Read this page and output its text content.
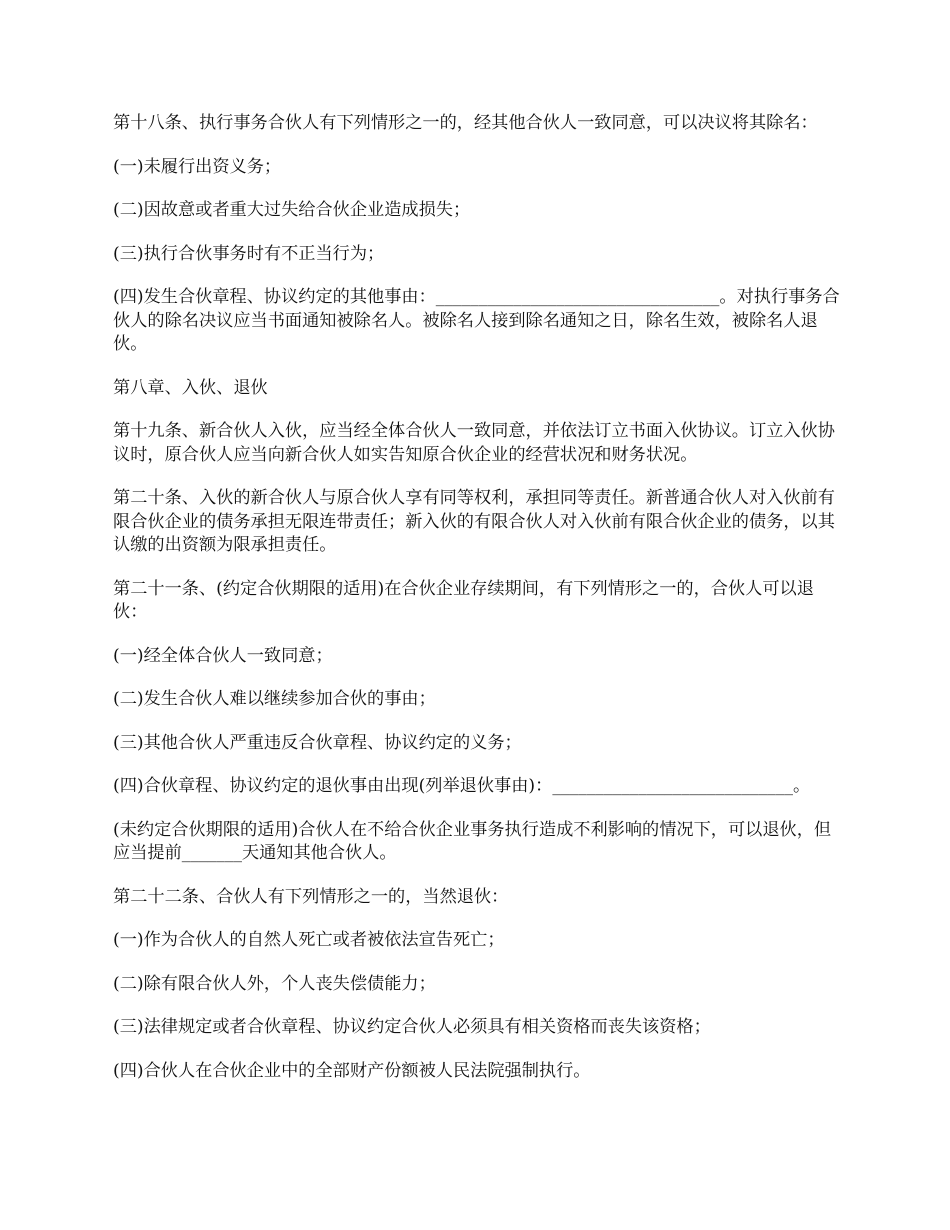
第十八条、执行事务合伙人有下列情形之一的，经其他合伙人一致同意，可以决议将其除名：

(一)未履行出资义务；

(二)因故意或者重大过失给合伙企业造成损失；

(三)执行合伙事务时有不正当行为；

(四)发生合伙章程、协议约定的其他事由：_________________________________。对执行事务合伙人的除名决议应当书面通知被除名人。被除名人接到除名通知之日，除名生效，被除名人退伙。

第八章、入伙、退伙

第十九条、新合伙人入伙，应当经全体合伙人一致同意，并依法订立书面入伙协议。订立入伙协议时，原合伙人应当向新合伙人如实告知原合伙企业的经营状况和财务状况。

第二十条、入伙的新合伙人与原合伙人享有同等权利，承担同等责任。新普通合伙人对入伙前有限合伙企业的债务承担无限连带责任；新入伙的有限合伙人对入伙前有限合伙企业的债务，以其认缴的出资额为限承担责任。

第二十一条、(约定合伙期限的适用)在合伙企业存续期间，有下列情形之一的，合伙人可以退伙：

(一)经全体合伙人一致同意；

(二)发生合伙人难以继续参加合伙的事由；

(三)其他合伙人严重违反合伙章程、协议约定的义务；

(四)合伙章程、协议约定的退伙事由出现(列举退伙事由)：____________________________。

(未约定合伙期限的适用)合伙人在不给合伙企业事务执行造成不利影响的情况下，可以退伙，但应当提前_______天通知其他合伙人。

第二十二条、合伙人有下列情形之一的，当然退伙：

(一)作为合伙人的自然人死亡或者被依法宣告死亡；

(二)除有限合伙人外，个人丧失偿债能力；

(三)法律规定或者合伙章程、协议约定合伙人必须具有相关资格而丧失该资格；

(四)合伙人在合伙企业中的全部财产份额被人民法院强制执行。
